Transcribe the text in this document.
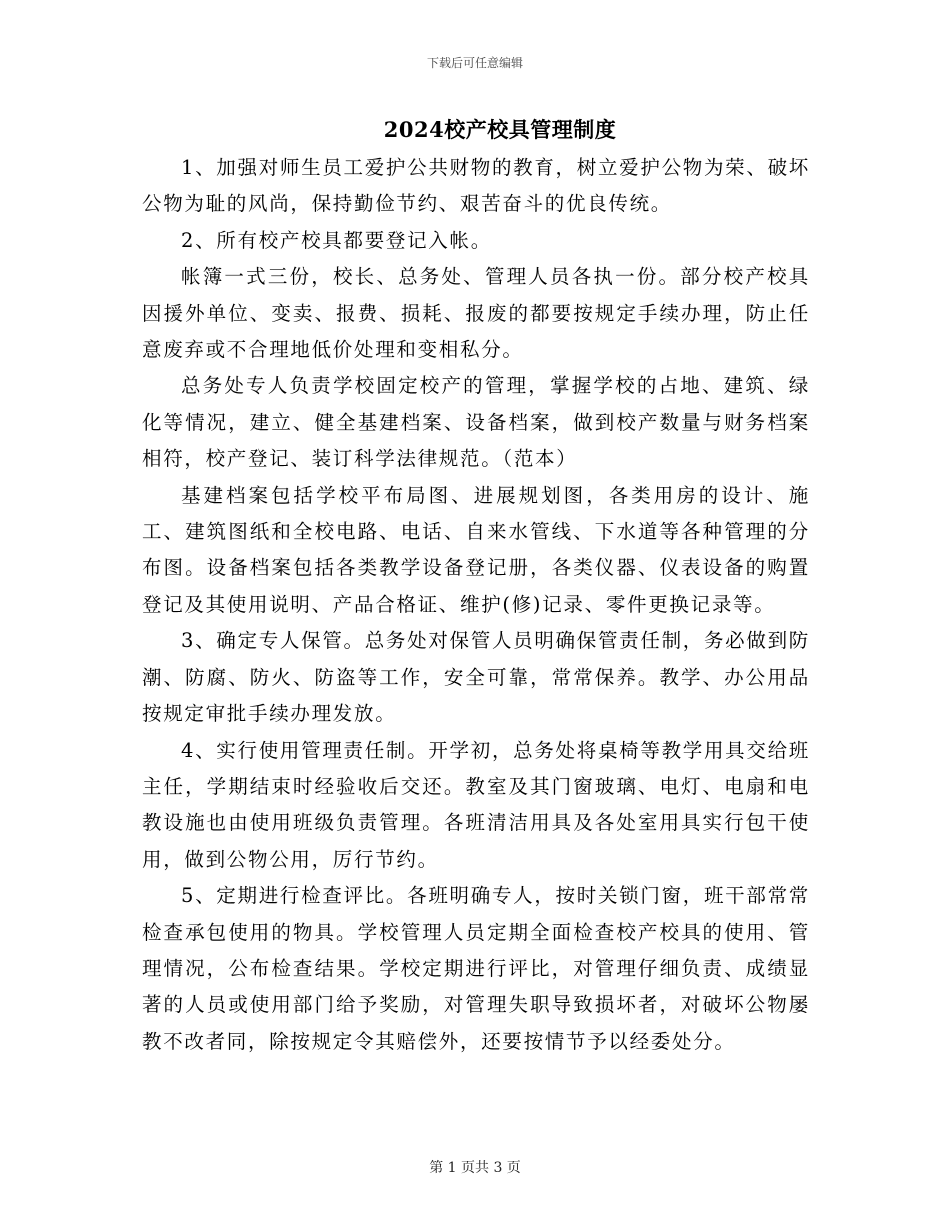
下载后可任意编辑
2024校产校具管理制度

1、加强对师生员工爱护公共财物的教育，树立爱护公物为荣、破坏公物为耻的风尚，保持勤俭节约、艰苦奋斗的优良传统。

2、所有校产校具都要登记入帐。

帐簿一式三份，校长、总务处、管理人员各执一份。部分校产校具因援外单位、变卖、报费、损耗、报废的都要按规定手续办理，防止任意废弃或不合理地低价处理和变相私分。

总务处专人负责学校固定校产的管理，掌握学校的占地、建筑、绿化等情况，建立、健全基建档案、设备档案，做到校产数量与财务档案相符，校产登记、装订科学法律规范。（范本）

基建档案包括学校平布局图、进展规划图，各类用房的设计、施工、建筑图纸和全校电路、电话、自来水管线、下水道等各种管理的分布图。设备档案包括各类教学设备登记册，各类仪器、仪表设备的购置登记及其使用说明、产品合格证、维护(修)记录、零件更换记录等。

3、确定专人保管。总务处对保管人员明确保管责任制，务必做到防潮、防腐、防火、防盗等工作，安全可靠，常常保养。教学、办公用品按规定审批手续办理发放。

4、实行使用管理责任制。开学初，总务处将桌椅等教学用具交给班主任，学期结束时经验收后交还。教室及其门窗玻璃、电灯、电扇和电教设施也由使用班级负责管理。各班清洁用具及各处室用具实行包干使用，做到公物公用，厉行节约。

5、定期进行检查评比。各班明确专人，按时关锁门窗，班干部常常检查承包使用的物具。学校管理人员定期全面检查校产校具的使用、管理情况，公布检查结果。学校定期进行评比，对管理仔细负责、成绩显著的人员或使用部门给予奖励，对管理失职导致损坏者，对破坏公物屡教不改者同，除按规定令其赔偿外，还要按情节予以经委处分。

第 1 页共 3 页
